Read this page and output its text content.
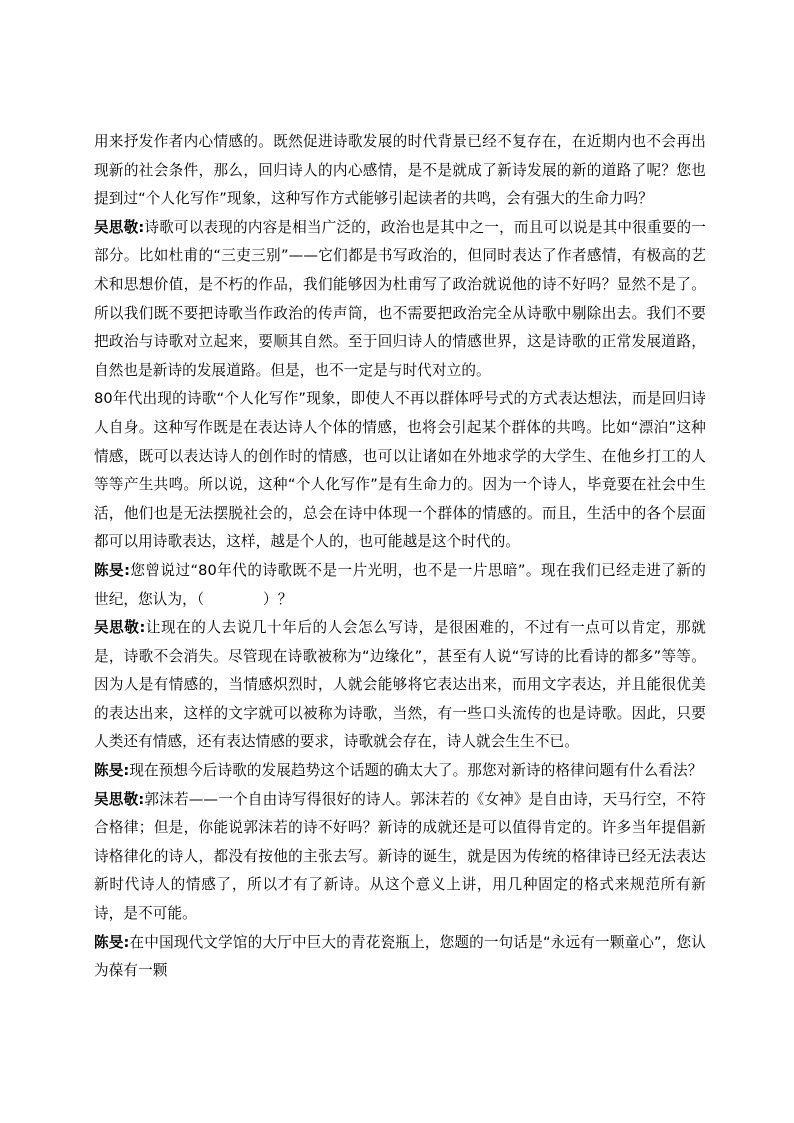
用来抒发作者内心情感的。既然促进诗歌发展的时代背景已经不复存在，在近期内也不会再出现新的社会条件，那么，回归诗人的内心感情，是不是就成了新诗发展的新的道路了呢？您也提到过“个人化写作”现象，这种写作方式能够引起读者的共鸣，会有强大的生命力吗？

吴思敬:诗歌可以表现的内容是相当广泛的，政治也是其中之一，而且可以说是其中很重要的一部分。比如杜甫的“三吏三别”——它们都是书写政治的，但同时表达了作者感情，有极高的艺术和思想价值，是不朽的作品，我们能够因为杜甫写了政治就说他的诗不好吗？显然不是了。所以我们既不要把诗歌当作政治的传声筒，也不需要把政治完全从诗歌中剔除出去。我们不要把政治与诗歌对立起来，要顺其自然。至于回归诗人的情感世界，这是诗歌的正常发展道路，自然也是新诗的发展道路。但是，也不一定是与时代对立的。

80年代出现的诗歌“个人化写作”现象，即使人不再以群体呼号式的方式表达想法，而是回归诗人自身。这种写作既是在表达诗人个体的情感，也将会引起某个群体的共鸣。比如“漂泊”这种情感，既可以表达诗人的创作时的情感，也可以让诸如在外地求学的大学生、在他乡打工的人等等产生共鸣。所以说，这种“个人化写作”是有生命力的。因为一个诗人，毕竟要在社会中生活，他们也是无法摆脱社会的，总会在诗中体现一个群体的情感的。而且，生活中的各个层面都可以用诗歌表达，这样，越是个人的，也可能越是这个时代的。

陈旻:您曾说过“80年代的诗歌既不是一片光明，也不是一片思暗”。现在我们已经走进了新的世纪，您认为，（　　　　）？

吴思敬:让现在的人去说几十年后的人会怎么写诗，是很困难的，不过有一点可以肯定，那就是，诗歌不会消失。尽管现在诗歌被称为“边缘化”，甚至有人说“写诗的比看诗的都多”等等。因为人是有情感的，当情感炽烈时，人就会能够将它表达出来，而用文字表达，并且能很优美的表达出来，这样的文字就可以被称为诗歌，当然，有一些口头流传的也是诗歌。因此，只要人类还有情感，还有表达情感的要求，诗歌就会存在，诗人就会生生不已。

陈旻:现在预想今后诗歌的发展趋势这个话题的确太大了。那您对新诗的格律问题有什么看法？

吴思敬:郭沫若——一个自由诗写得很好的诗人。郭沫若的《女神》是自由诗，天马行空，不符合格律；但是，你能说郭沫若的诗不好吗？新诗的成就还是可以值得肯定的。许多当年提倡新诗格律化的诗人，都没有按他的主张去写。新诗的诞生，就是因为传统的格律诗已经无法表达新时代诗人的情感了，所以才有了新诗。从这个意义上讲，用几种固定的格式来规范所有新诗，是不可能。

陈旻:在中国现代文学馆的大厅中巨大的青花瓷瓶上，您题的一句话是“永远有一颗童心”，您认为葆有一颗
